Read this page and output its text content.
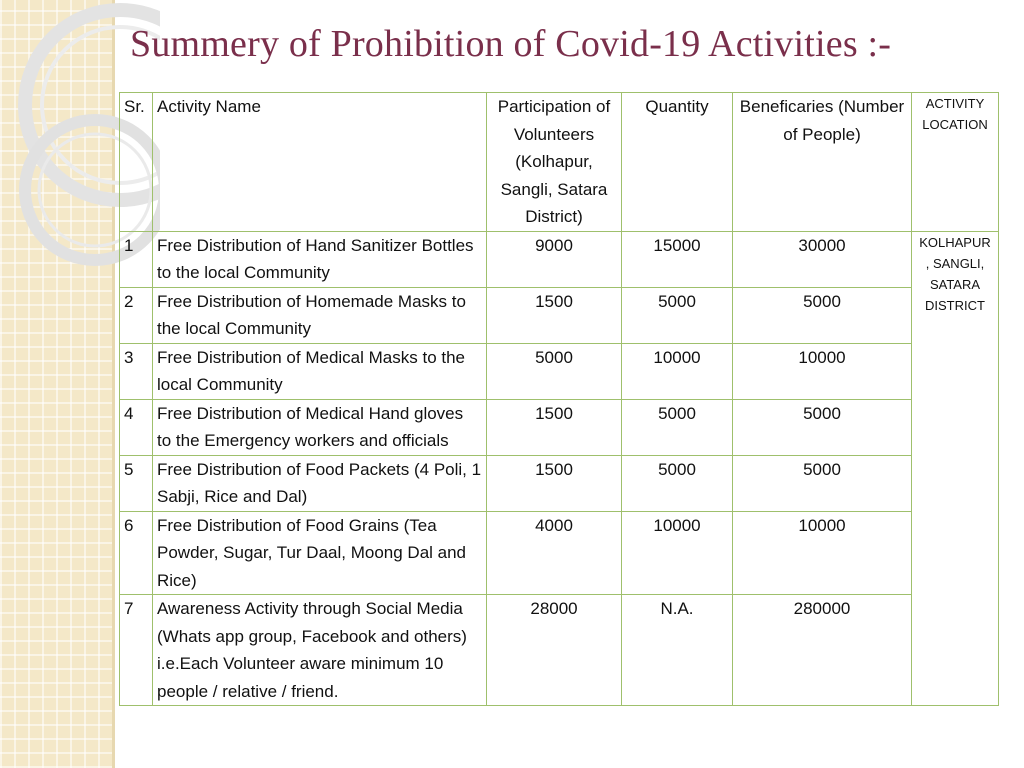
Summery of Prohibition of Covid-19 Activities :-
Sr.	Activity Name	Participation of Volunteers (Kolhapur, Sangli, Satara District)	Quantity	Beneficaries (Number of People)	ACTIVITY LOCATION
1	Free Distribution of Hand Sanitizer Bottles to the local Community	9000	15000	30000	KOLHAPUR , SANGLI, SATARA DISTRICT
2	Free Distribution of Homemade Masks to the local Community	1500	5000	5000	
3	Free Distribution of Medical Masks to the local Community	5000	10000	10000	
4	Free Distribution of Medical Hand gloves to the Emergency workers and officials	1500	5000	5000	
5	Free Distribution of Food Packets (4 Poli, 1 Sabji, Rice and Dal)	1500	5000	5000	
6	Free Distribution of Food Grains (Tea Powder, Sugar, Tur Daal, Moong Dal and Rice)	4000	10000	10000	
7	Awareness Activity through Social Media (Whats app group, Facebook and others) i.e.Each Volunteer aware minimum 10 people / relative / friend.	28000	N.A.	280000	
